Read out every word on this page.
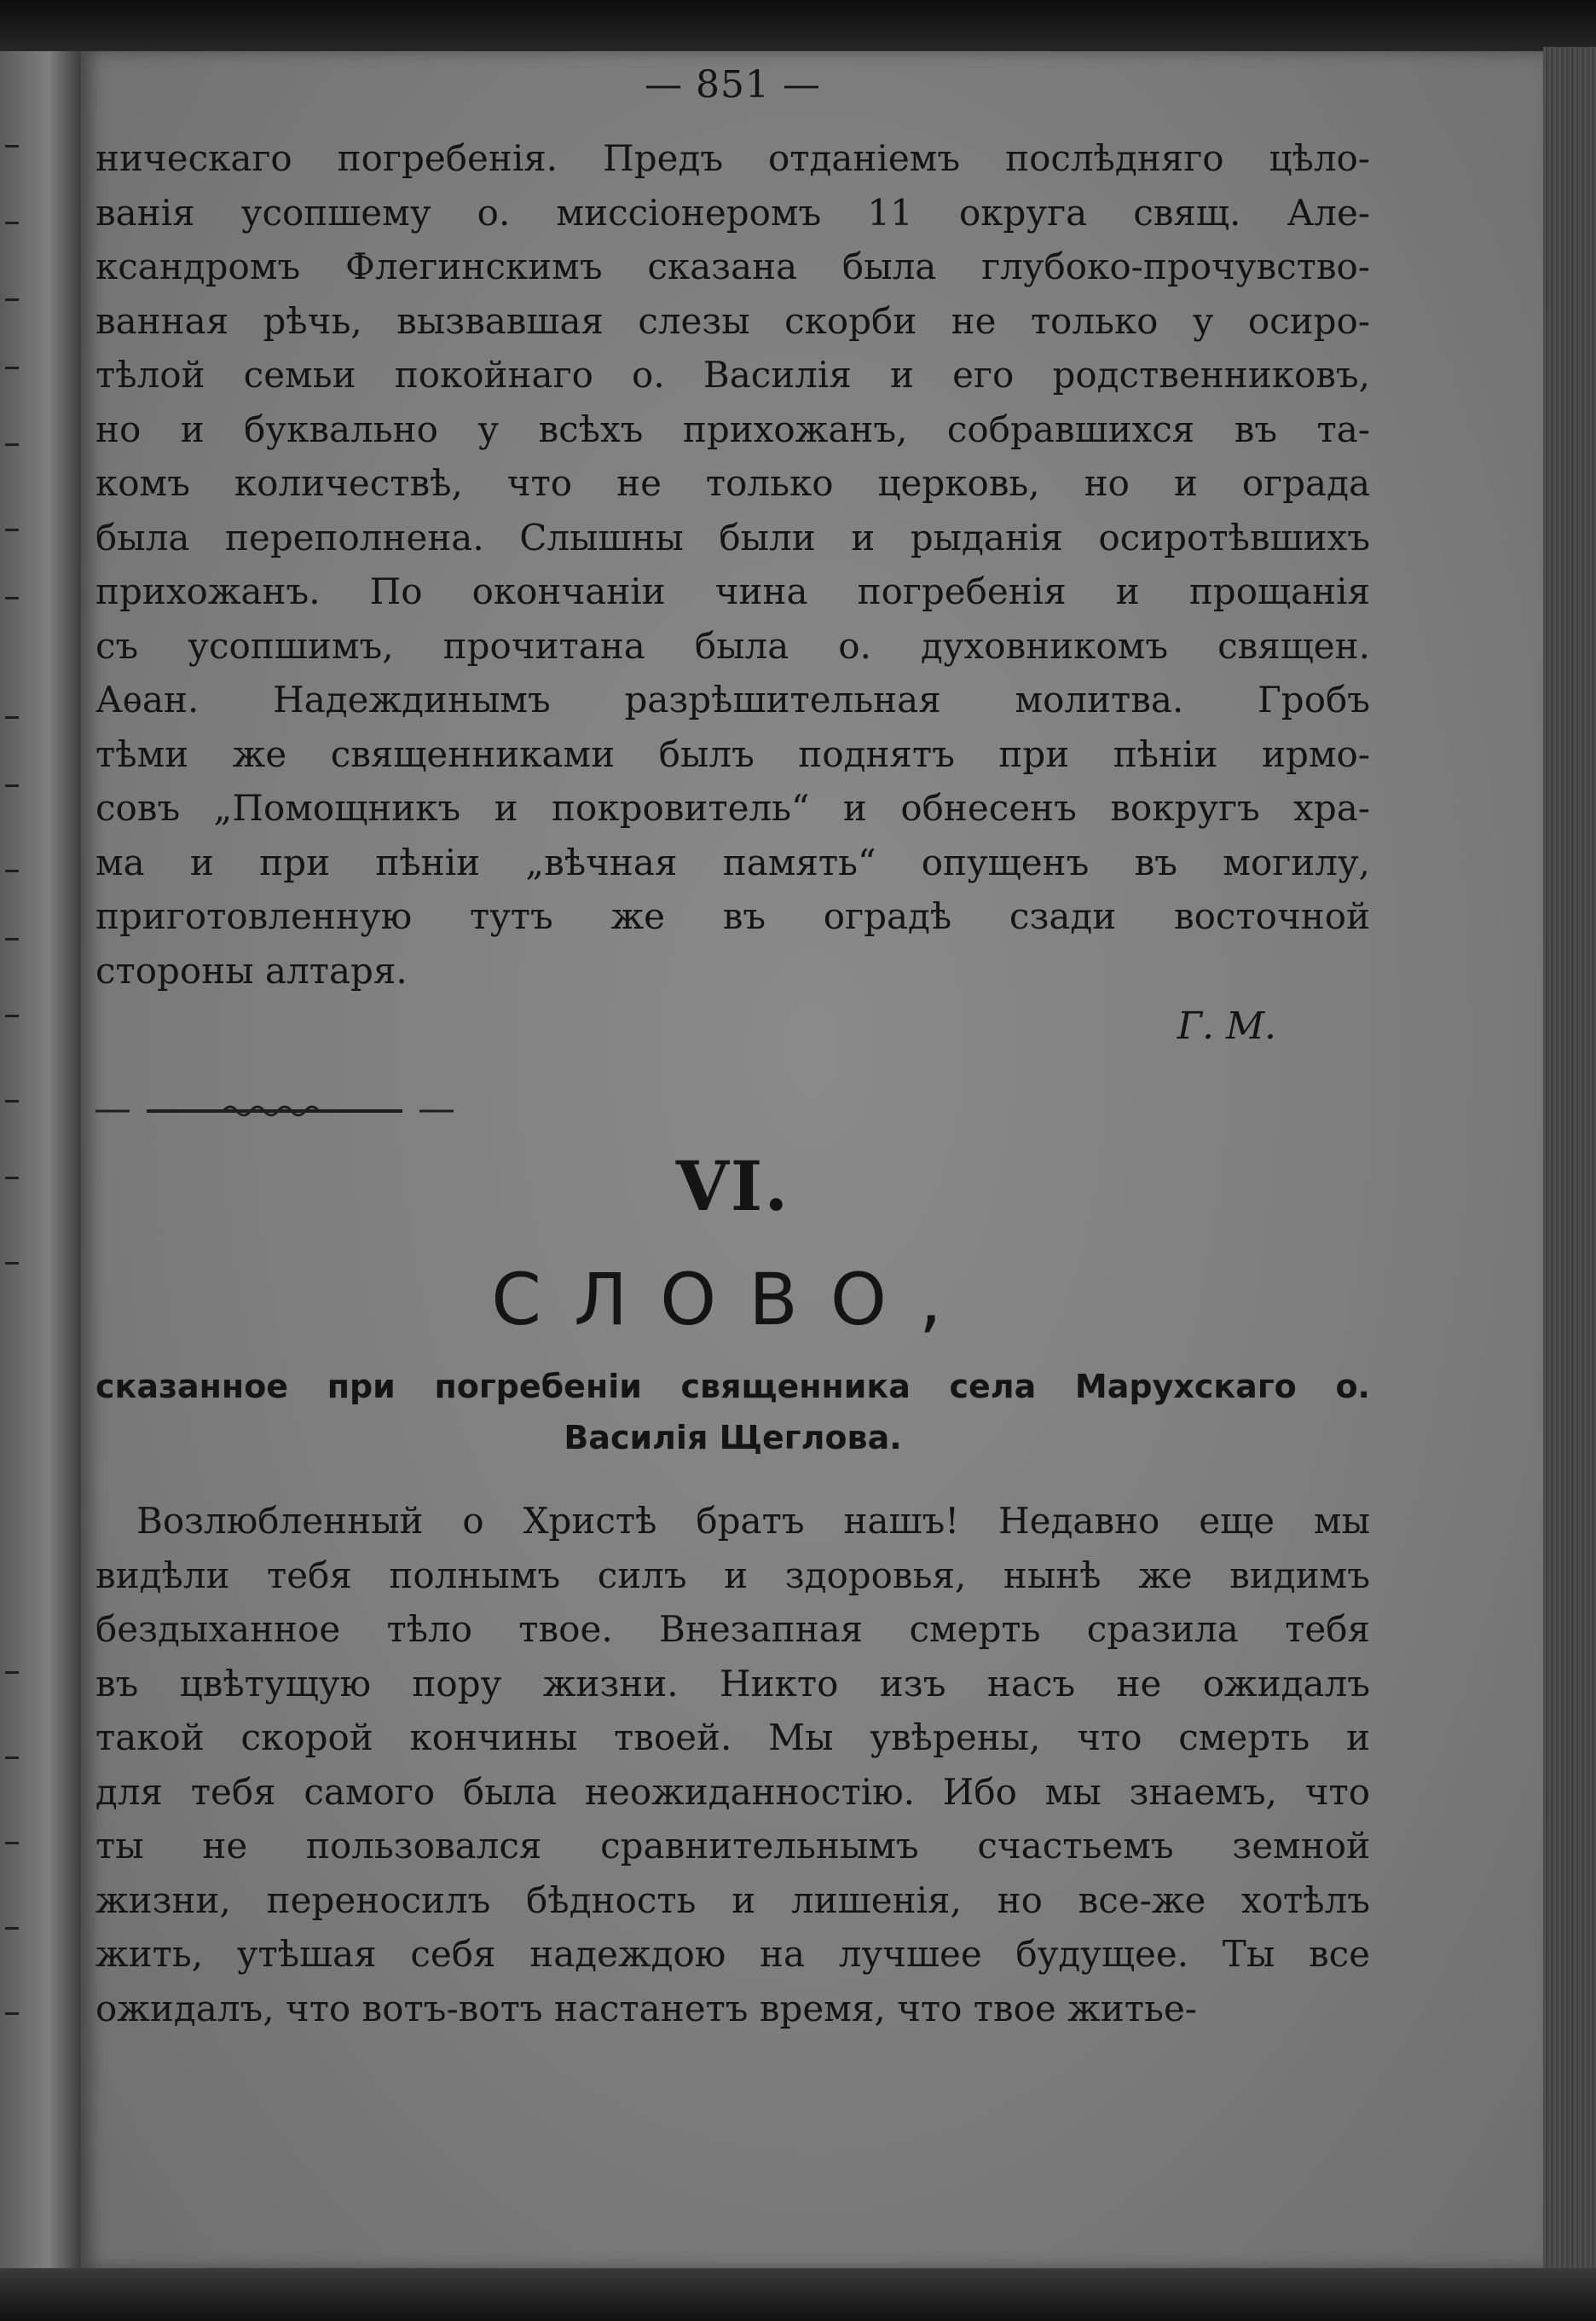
— 851 —
ническаго погребенія. Предъ отданіемъ послѣдняго цѣло-
ванія усопшему о. миссіонеромъ 11 округа свящ. Але-
ксандромъ Флегинскимъ сказана была глубоко-прочувство-
ванная рѣчь, вызвавшая слезы скорби не только у осиро-
тѣлой семьи покойнаго о. Василія и его родственниковъ,
но и буквально у всѣхъ прихожанъ, собравшихся въ та-
комъ количествѣ, что не только церковь, но и ограда
была переполнена. Слышны были и рыданія осиротѣвшихъ
прихожанъ. По окончаніи чина погребенія и прощанія
съ усопшимъ, прочитана была о. духовникомъ священ.
Аѳан. Надеждинымъ разрѣшительная молитва. Гробъ
тѣми же священниками былъ поднятъ при пѣніи ирмо-
совъ „Помощникъ и покровитель“ и обнесенъ вокругъ хра-
ма и при пѣніи „вѣчная память“ опущенъ въ могилу,
приготовленную тутъ же въ оградѣ сзади восточной
стороны алтаря.
Г. М.
VI.
СЛОВО,
сказанное при погребеніи священника села Марухскаго о.
Василія Щеглова.
Возлюбленный о Христѣ братъ нашъ! Недавно еще мы
видѣли тебя полнымъ силъ и здоровья, нынѣ же видимъ
бездыханное тѣло твое. Внезапная смерть сразила тебя
въ цвѣтущую пору жизни. Никто изъ насъ не ожидалъ
такой скорой кончины твоей. Мы увѣрены, что смерть и
для тебя самого была неожиданностію. Ибо мы знаемъ, что
ты не пользовался сравнительнымъ счастьемъ земной
жизни, переносилъ бѣдность и лишенія, но все-же хотѣлъ
жить, утѣшая себя надеждою на лучшее будущее. Ты все
ожидалъ, что вотъ-вотъ настанетъ время, что твое житье-
